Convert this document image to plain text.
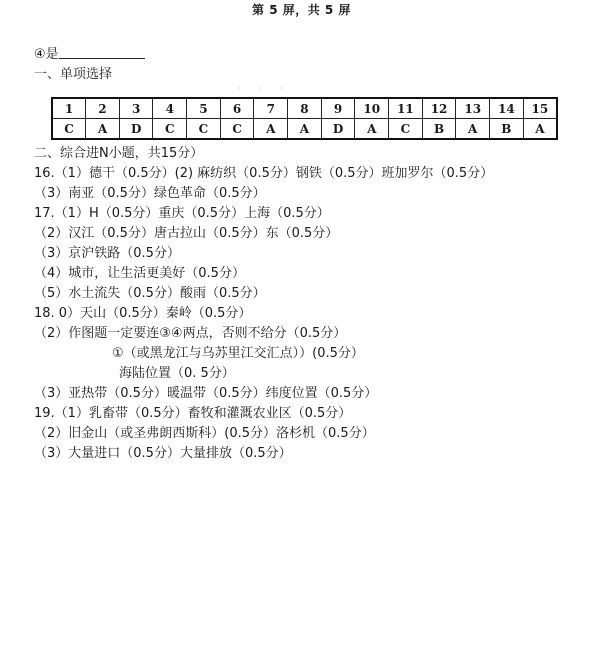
第 5 屏，共 5 屏
④是
一、单项选择
· · ·
1	2	3	4	5	6	7	8	9	10	11	12	13	14	15
C	A	D	C	C	C	A	A	D	A	C	B	A	B	A
二、综合进N小题，共15分）
16.（1）德干（0.5分）(2) 麻纺织（0.5分）钢铁（0.5分）班加罗尔（0.5分）
（3）南亚（0.5分）绿色革命（0.5分）
17.（1）H（0.5分）重庆（0.5分）上海（0.5分）
（2）汉江（0.5分）唐古拉山（0.5分）东（0.5分）
（3）京沪铁路（0.5分）
（4）城市，让生活更美好（0.5分）
（5）水土流失（0.5分）酸雨（0.5分）
18. 0）天山（0.5分）秦岭（0.5分）
（2）作图题一定要连③④两点，否则不给分（0.5分）
①（或黑龙江与乌苏里江交汇点））(0.5分）
海陆位置（0. 5分）
（3）亚热带（0.5分）暖温带（0.5分）纬度位置（0.5分）
19.（1）乳畜带（0.5分）畜牧和灌溉农业区（0.5分）
（2）旧金山（或圣弗朗西斯科）(0.5分）洛杉机（0.5分）
（3）大量进口（0.5分）大量排放（0.5分）
